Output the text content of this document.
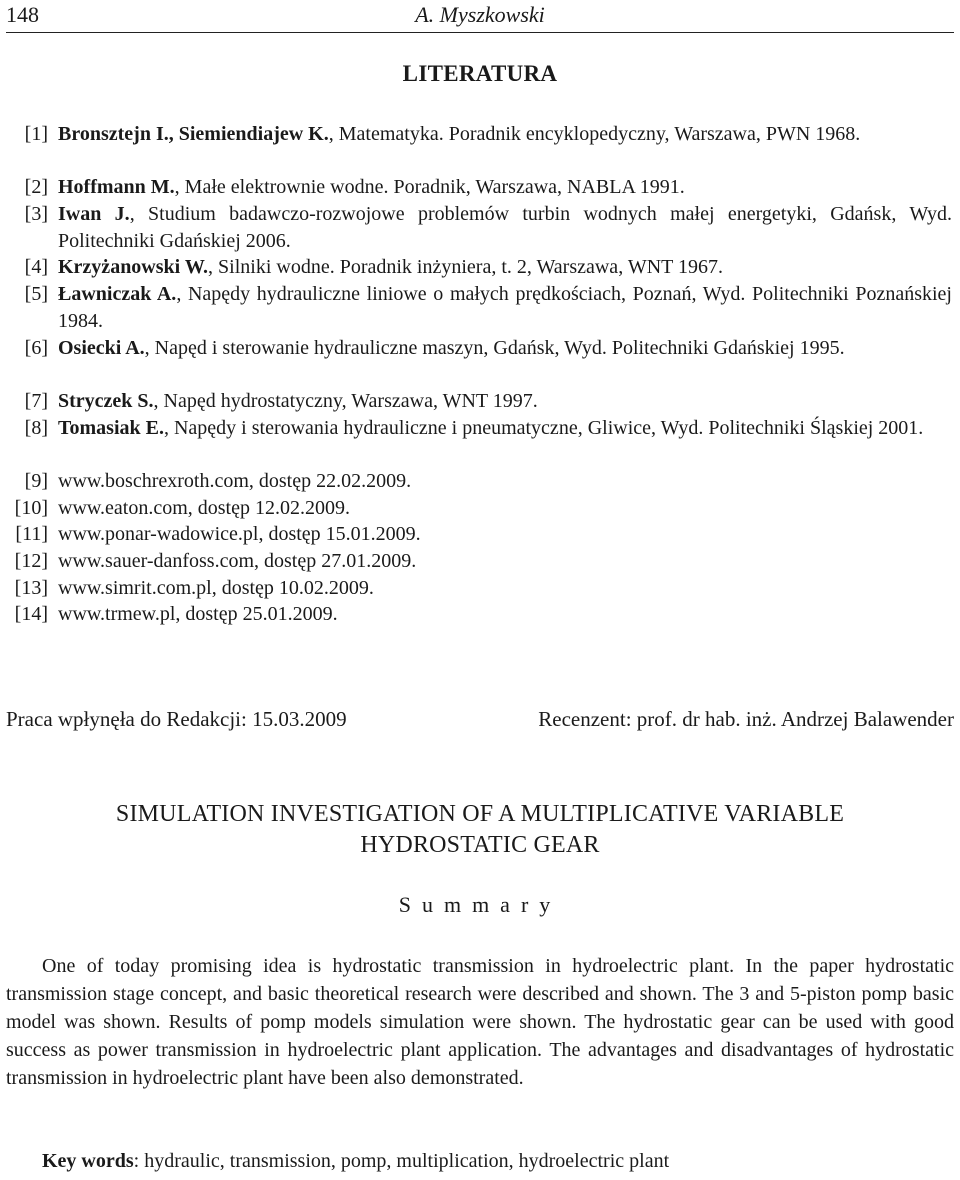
148	A. Myszkowski
LITERATURA
[1] Bronsztejn I., Siemiendiajew K., Matematyka. Poradnik encyklopedyczny, Warszawa, PWN 1968.
[2] Hoffmann M., Małe elektrownie wodne. Poradnik, Warszawa, NABLA 1991.
[3] Iwan J., Studium badawczo-rozwojowe problemów turbin wodnych małej energetyki, Gdańsk, Wyd. Politechniki Gdańskiej 2006.
[4] Krzyżanowski W., Silniki wodne. Poradnik inżyniera, t. 2, Warszawa, WNT 1967.
[5] Ławniczak A., Napędy hydrauliczne liniowe o małych prędkościach, Poznań, Wyd. Politechniki Poznańskiej 1984.
[6] Osiecki A., Napęd i sterowanie hydrauliczne maszyn, Gdańsk, Wyd. Politechniki Gdańskiej 1995.
[7] Stryczek S., Napęd hydrostatyczny, Warszawa, WNT 1997.
[8] Tomasiak E., Napędy i sterowania hydrauliczne i pneumatyczne, Gliwice, Wyd. Politechniki Śląskiej 2001.
[9] www.boschrexroth.com, dostęp 22.02.2009.
[10] www.eaton.com, dostęp 12.02.2009.
[11] www.ponar-wadowice.pl, dostęp 15.01.2009.
[12] www.sauer-danfoss.com, dostęp 27.01.2009.
[13] www.simrit.com.pl, dostęp 10.02.2009.
[14] www.trmew.pl, dostęp 25.01.2009.
Praca wpłynęła do Redakcji: 15.03.2009	Recenzent: prof. dr hab. inż. Andrzej Balawender
SIMULATION INVESTIGATION OF A MULTIPLICATIVE VARIABLE
HYDROSTATIC GEAR
Summary

One of today promising idea is hydrostatic transmission in hydroelectric plant. In the paper hydrostatic transmission stage concept, and basic theoretical research were described and shown. The 3 and 5-piston pomp basic model was shown. Results of pomp models simulation were shown. The hydrostatic gear can be used with good success as power transmission in hydroelectric plant application. The advantages and disadvantages of hydrostatic transmission in hydroelectric plant have been also demonstrated.

Key words: hydraulic, transmission, pomp, multiplication, hydroelectric plant
